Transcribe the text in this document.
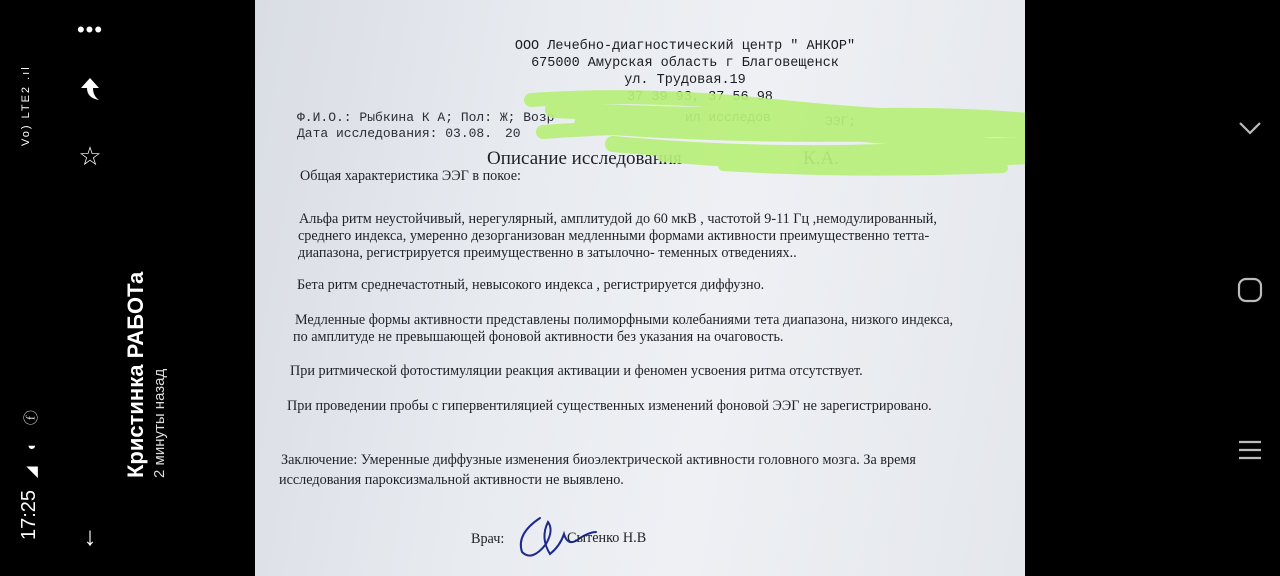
17:25
◢ ◐ ⓕ
Vo) LTE2 .ıl
•••
☆
↓
Кристинка РАБОТа 2 минуты назад
ООО Лечебно-диагностический центр " АНКОР"
675000 Амурская область г Благовещенск
ул. Трудовая.19
37 39 93, 37 56 98
Ф.И.О.: Рыбкина К А; Пол: Ж; Возр	ил исследов	ЭЭГ;
Дата исследования: 03.08. 20
Описание исследования	К.А.
Общая характеристика ЭЭГ в покое:
Альфа ритм неустойчивый, нерегулярный, амплитудой до 60 мкВ , частотой 9-11 Гц ,немодулированный,
среднего индекса, умеренно дезорганизован медленными формами активности преимущественно тетта-
диапазона, регистрируется преимущественно в затылочно- теменных отведениях..
Бета ритм среднечастотный, невысокого индекса , регистрируется диффузно.
Медленные формы активности представлены полиморфными колебаниями тета диапазона, низкого индекса,
по амплитуде не превышающей фоновой активности без указания на очаговость.
При ритмической фотостимуляции реакция активации и феномен усвоения ритма отсутствует.
При проведении пробы с гипервентиляцией существенных изменений фоновой ЭЭГ не зарегистрировано.
Заключение: Умеренные диффузные изменения биоэлектрической активности головного мозга. За время
исследования пароксизмальной активности не выявлено.
Врач:	Сытенко Н.В
